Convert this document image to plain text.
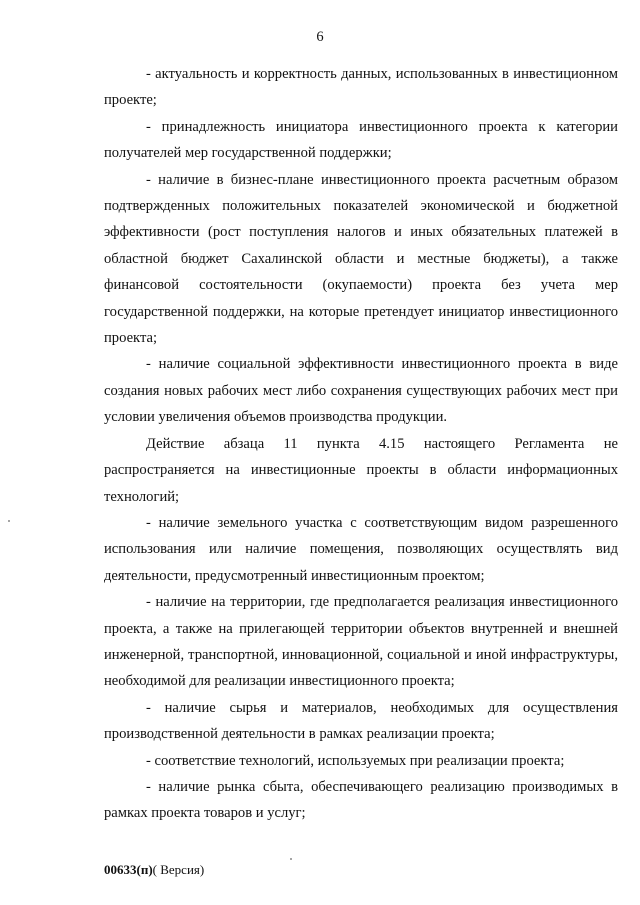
6

- актуальность и корректность данных, использованных в инвестиционном проекте;

- принадлежность инициатора инвестиционного проекта к категории получателей мер государственной поддержки;

- наличие в бизнес-плане инвестиционного проекта расчетным образом подтвержденных положительных показателей экономической и бюджетной эффективности (рост поступления налогов и иных обязательных платежей в областной бюджет Сахалинской области и местные бюджеты), а также финансовой состоятельности (окупаемости) проекта без учета мер государственной поддержки, на которые претендует инициатор инвестиционного проекта;

- наличие социальной эффективности инвестиционного проекта в виде создания новых рабочих мест либо сохранения существующих рабочих мест при условии увеличения объемов производства продукции.

Действие абзаца 11 пункта 4.15 настоящего Регламента не распространяется на инвестиционные проекты в области информационных технологий;

- наличие земельного участка с соответствующим видом разрешенного использования или наличие помещения, позволяющих осуществлять вид деятельности, предусмотренный инвестиционным проектом;

- наличие на территории, где предполагается реализация инвестиционного проекта, а также на прилегающей территории объектов внутренней и внешней инженерной, транспортной, инновационной, социальной и иной инфраструктуры, необходимой для реализации инвестиционного проекта;

- наличие сырья и материалов, необходимых для осуществления производственной деятельности в рамках реализации проекта;

- соответствие технологий, используемых при реализации проекта;

- наличие рынка сбыта, обеспечивающего реализацию производимых в рамках проекта товаров и услуг;

00633(п)( Версия)
